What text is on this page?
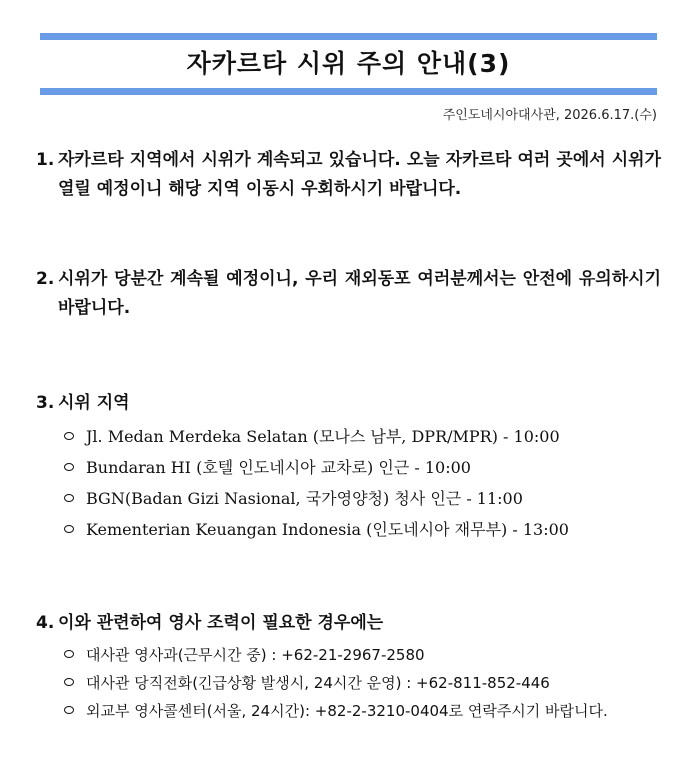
자카르타 시위 주의 안내(3)
주인도네시아대사관, 2026.6.17.(수)
1. 자카르타 지역에서 시위가 계속되고 있습니다. 오늘 자카르타 여러 곳에서 시위가 열릴 예정이니 해당 지역 이동시 우회하시기 바랍니다.
2. 시위가 당분간 계속될 예정이니, 우리 재외동포 여러분께서는 안전에 유의하시기 바랍니다.
3. 시위 지역
Jl. Medan Merdeka Selatan (모나스 남부, DPR/MPR) - 10:00
Bundaran HI (호텔 인도네시아 교차로) 인근 - 10:00
BGN(Badan Gizi Nasional, 국가영양청) 청사 인근 - 11:00
Kementerian Keuangan Indonesia (인도네시아 재무부) - 13:00
4. 이와 관련하여 영사 조력이 필요한 경우에는
대사관 영사과(근무시간 중) : +62-21-2967-2580
대사관 당직전화(긴급상황 발생시, 24시간 운영) : +62-811-852-446
외교부 영사콜센터(서울, 24시간): +82-2-3210-0404로 연락주시기 바랍니다.
